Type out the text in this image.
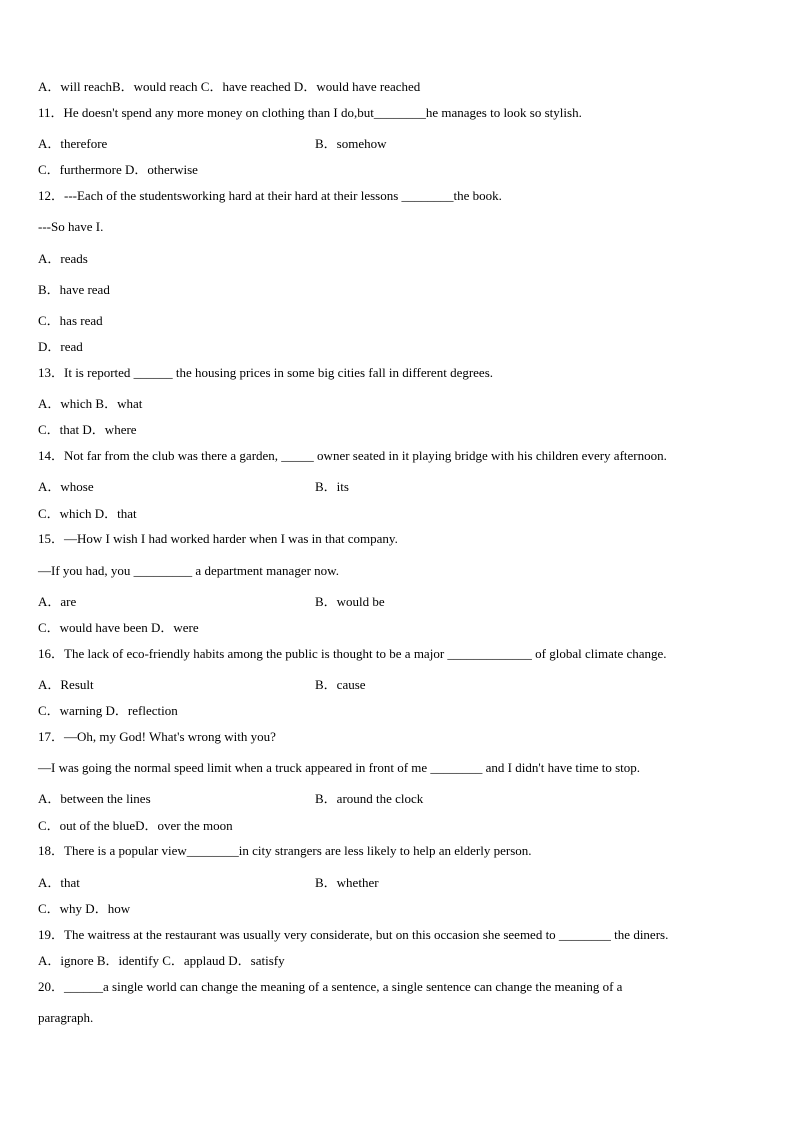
A．will reachB．would reach C．have reached D．would have reached
11．He doesn't spend any more money on clothing than I do,but________he manages to look so stylish.
A．therefore	B．somehow
C．furthermore D．otherwise
12．---Each of the studentsworking hard at their hard at their lessons ________the book.
---So have I.
A．reads
B．have read
C．has read
D．read
13．It is reported ______ the housing prices in some big cities fall in different degrees.
A．which B．what
C．that D．where
14．Not far from the club was there a garden, _____ owner seated in it playing bridge with his children every afternoon.
A．whose	B．its
C．which D．that
15．—How I wish I had worked harder when I was in that company.
—If you had, you _________ a department manager now.
A．are	B．would be
C．would have been D．were
16．The lack of eco-friendly habits among the public is thought to be a major _____________ of global climate change.
A．Result	B．cause
C．warning D．reflection
17．—Oh, my God! What's wrong with you?
—I was going the normal speed limit when a truck appeared in front of me ________ and I didn't have time to stop.
A．between the lines	B．around the clock
C．out of the blueD．over the moon
18．There is a popular view________in city strangers are less likely to help an elderly person.
A．that	B．whether
C．why D．how
19．The waitress at the restaurant was usually very considerate, but on this occasion she seemed to ________ the diners.
A．ignore B．identify C．applaud D．satisfy
20．______a single world can change the meaning of a sentence, a single sentence can change the meaning of a
paragraph.
